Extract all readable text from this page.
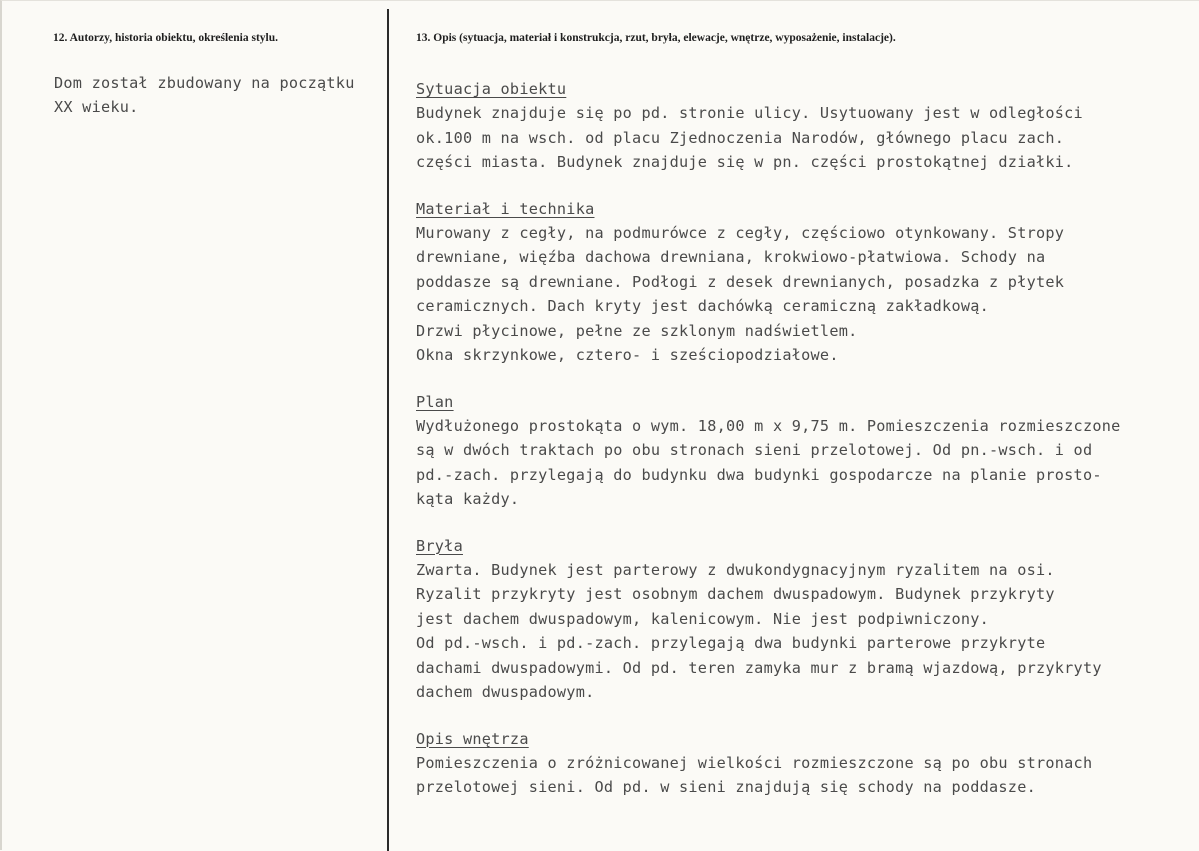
12. Autorzy, historia obiektu, określenia stylu.	13. Opis (sytuacja, materiał i konstrukcja, rzut, bryła, elewacje, wnętrze, wyposażenie, instalacje).
Dom został zbudowany na początku
XX wieku.
Sytuacja obiektu
Budynek znajduje się po pd. stronie ulicy. Usytuowany jest w odległości
ok.100 m na wsch. od placu Zjednoczenia Narodów, głównego placu zach.
części miasta. Budynek znajduje się w pn. części prostokątnej działki.
Materiał i technika
Murowany z cegły, na podmurówce z cegły, częściowo otynkowany. Stropy
drewniane, więźba dachowa drewniana, krokwiowo-płatwiowa. Schody na
poddasze są drewniane. Podłogi z desek drewnianych, posadzka z płytek
ceramicznych. Dach kryty jest dachówką ceramiczną zakładkową.
Drzwi płycinowe, pełne ze szklonym nadświetlem.
Okna skrzynkowe, cztero- i sześciopodziałowe.
Plan
Wydłużonego prostokąta o wym. 18,00 m x 9,75 m. Pomieszczenia rozmieszczone
są w dwóch traktach po obu stronach sieni przelotowej. Od pn.-wsch. i od
pd.-zach. przylegają do budynku dwa budynki gospodarcze na planie prosto-
kąta każdy.
Bryła
Zwarta. Budynek jest parterowy z dwukondygnacyjnym ryzalitem na osi.
Ryzalit przykryty jest osobnym dachem dwuspadowym. Budynek przykryty
jest dachem dwuspadowym, kalenicowym. Nie jest podpiwniczony.
Od pd.-wsch. i pd.-zach. przylegają dwa budynki parterowe przykryte
dachami dwuspadowymi. Od pd. teren zamyka mur z bramą wjazdową, przykryty
dachem dwuspadowym.
Opis wnętrza
Pomieszczenia o zróżnicowanej wielkości rozmieszczone są po obu stronach
przelotowej sieni. Od pd. w sieni znajdują się schody na poddasze.
